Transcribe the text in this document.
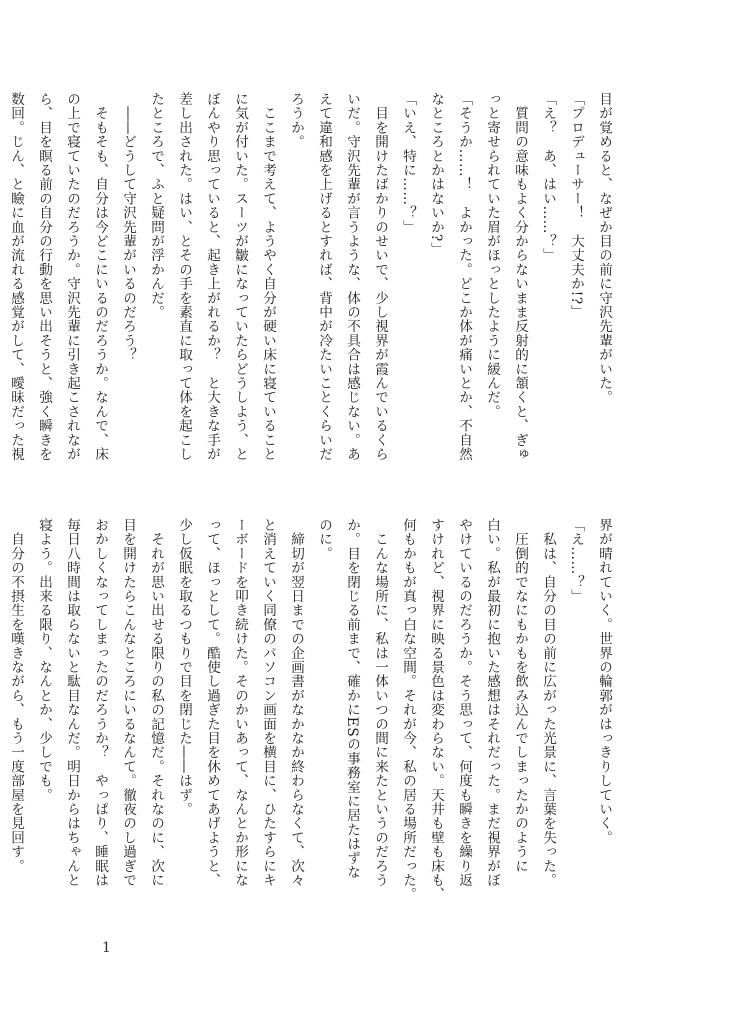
目が覚めると、なぜか目の前に守沢先輩がいた。

「プロデューサー！　大丈夫か!?」

「え？　あ、はい……？」

　質問の意味もよく分からないまま反射的に頷くと、ぎゅ

っと寄せられていた眉がほっとしたように緩んだ。

「そうか……！　よかった。どこか体が痛いとか、不自然

なところとかはないか?」

「いえ、特に……？」

　目を開けたばかりのせいで、少し視界が霞んでいるくら

いだ。守沢先輩が言うような、体の不具合は感じない。あ

えて違和感を上げるとすれば、背中が冷たいことくらいだ

ろうか。

　ここまで考えて、ようやく自分が硬い床に寝ていること

に気が付いた。スーツが皺になっていたらどうしよう、と

ぼんやり思っていると、起き上がれるか？　と大きな手が

差し出された。はい、とその手を素直に取って体を起こし

たところで、ふと疑問が浮かんだ。

　――どうして守沢先輩がいるのだろう？

　そもそも、自分は今どこにいるのだろうか。なんで、床

の上で寝ていたのだろうか。守沢先輩に引き起こされなが

ら、目を瞑る前の自分の行動を思い出そうと、強く瞬きを

数回。じん、と瞼に血が流れる感覚がして、曖昧だった視

界が晴れていく。世界の輪郭がはっきりしていく。

「え……？」

　私は、自分の目の前に広がった光景に、言葉を失った。

　圧倒的でなにもかもを飲み込んでしまったかのように

白い。私が最初に抱いた感想はそれだった。まだ視界がぼ

やけているのだろうか。そう思って、何度も瞬きを繰り返

すけれど、視界に映る景色は変わらない。天井も壁も床も、

何もかもが真っ白な空間。それが今、私の居る場所だった。

　こんな場所に、私は一体いつの間に来たというのだろう

か。目を閉じる前まで、確かにESの事務室に居たはずな

のに。

　締切が翌日までの企画書がなかなか終わらなくて、次々

と消えていく同僚のパソコン画面を横目に、ひたすらにキ

ーボードを叩き続けた。そのかいあって、なんとか形にな

って、ほっとして。酷使し過ぎた目を休めてあげようと、

少し仮眠を取るつもりで目を閉じた――はず。

　それが思い出せる限りの私の記憶だ。それなのに、次に

目を開けたらこんなところにいるなんて。徹夜のし過ぎで

おかしくなってしまったのだろうか？　やっぱり、睡眠は

毎日八時間は取らないと駄目なんだ。明日からはちゃんと

寝よう。出来る限り、なんとか、少しでも。

　自分の不摂生を嘆きながら、もう一度部屋を見回す。

1
